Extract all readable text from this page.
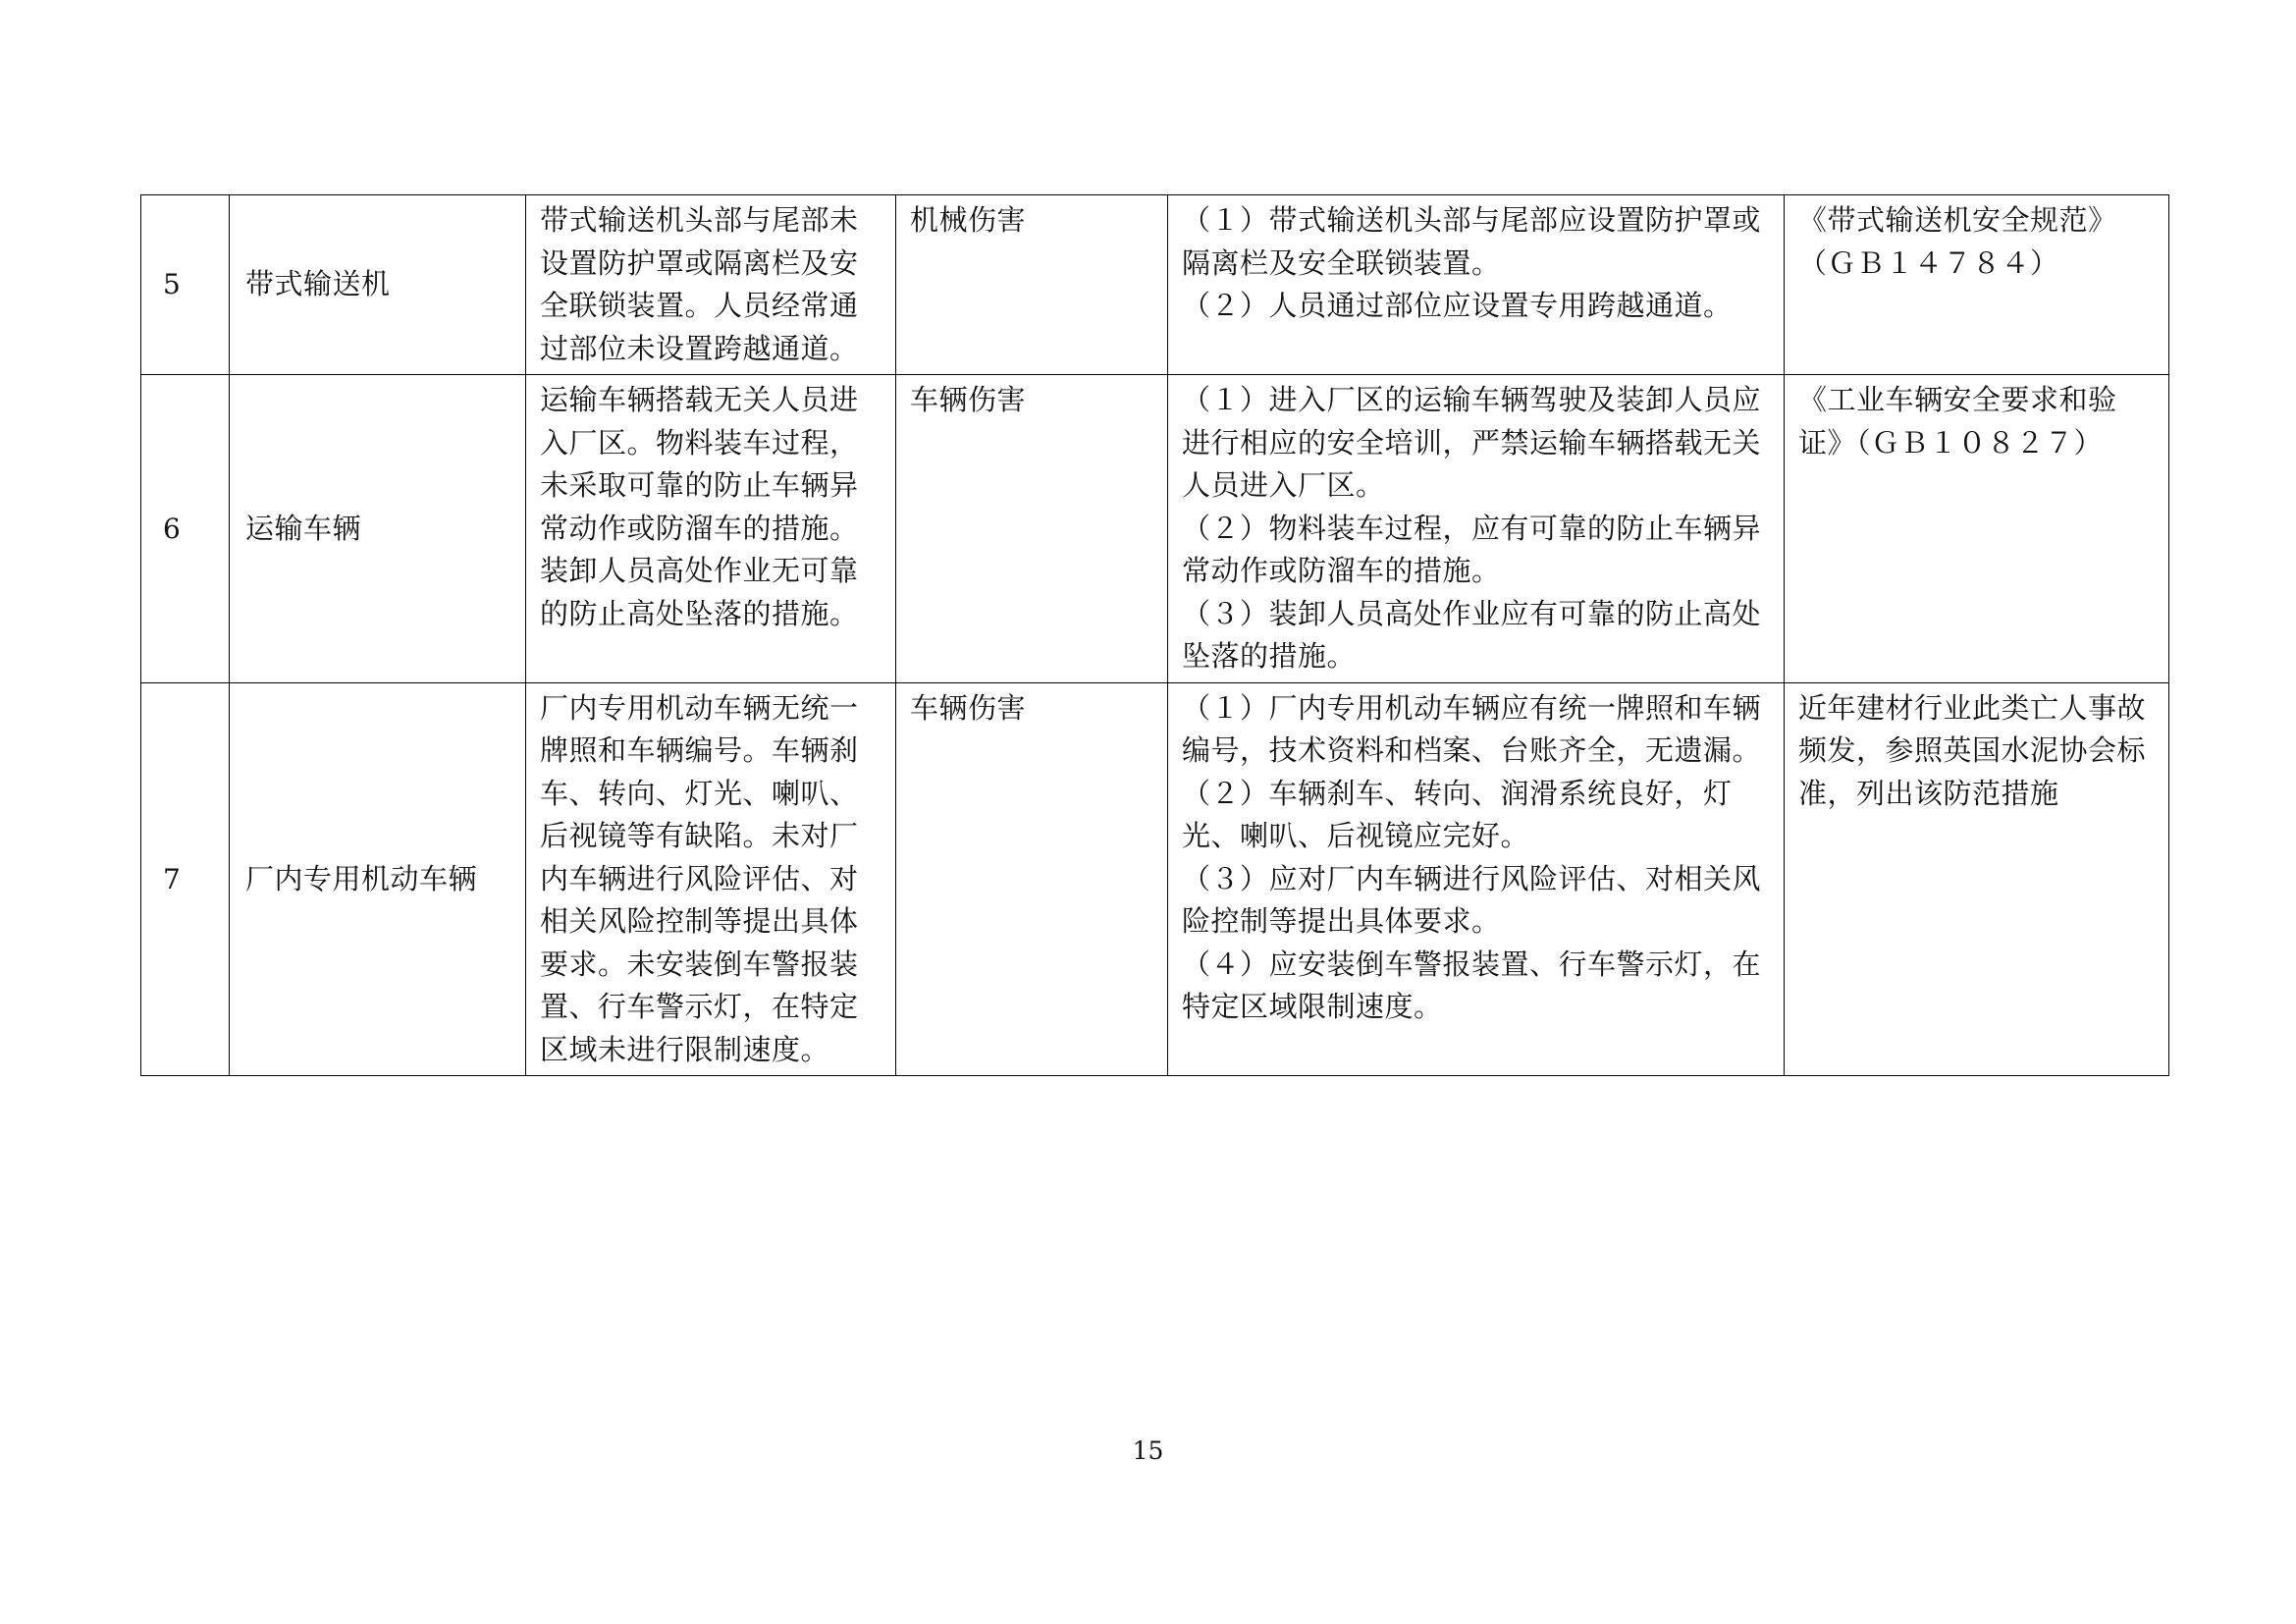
5	带式输送机	带式输送机头部与尾部未设置防护罩或隔离栏及安全联锁装置。人员经常通过部位未设置跨越通道。	机械伤害	（１）带式输送机头部与尾部应设置防护罩或隔离栏及安全联锁装置。
（２）人员通过部位应设置专用跨越通道。	《带式输送机安全规范》（ＧＢ１４７８４）
6	运输车辆	运输车辆搭载无关人员进入厂区。物料装车过程，未采取可靠的防止车辆异常动作或防溜车的措施。装卸人员高处作业无可靠的防止高处坠落的措施。	车辆伤害	（１）进入厂区的运输车辆驾驶及装卸人员应进行相应的安全培训，严禁运输车辆搭载无关人员进入厂区。
（２）物料装车过程，应有可靠的防止车辆异常动作或防溜车的措施。
（３）装卸人员高处作业应有可靠的防止高处坠落的措施。	《工业车辆安全要求和验证》（ＧＢ１０８２７）
7	厂内专用机动车辆	厂内专用机动车辆无统一牌照和车辆编号。车辆刹车、转向、灯光、喇叭、后视镜等有缺陷。未对厂内车辆进行风险评估、对相关风险控制等提出具体要求。未安装倒车警报装置、行车警示灯，在特定区域未进行限制速度。	车辆伤害	（１）厂内专用机动车辆应有统一牌照和车辆编号，技术资料和档案、台账齐全，无遗漏。
（２）车辆刹车、转向、润滑系统良好，灯光、喇叭、后视镜应完好。
（３）应对厂内车辆进行风险评估、对相关风险控制等提出具体要求。
（４）应安装倒车警报装置、行车警示灯，在特定区域限制速度。	近年建材行业此类亡人事故频发，参照英国水泥协会标准，列出该防范措施
15
